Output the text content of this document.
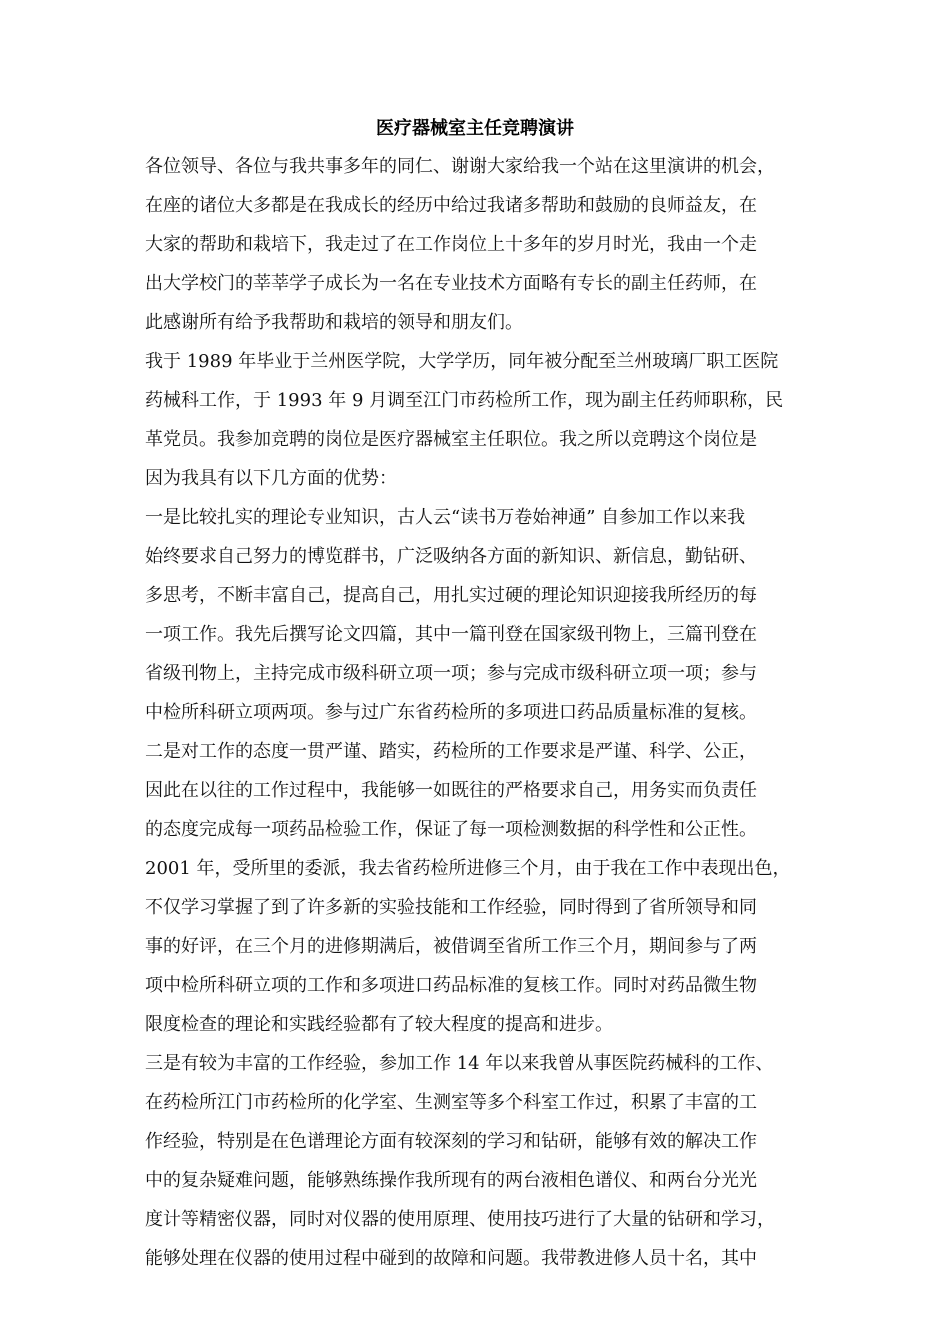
医疗器械室主任竞聘演讲
各位领导、各位与我共事多年的同仁、谢谢大家给我一个站在这里演讲的机会，
在座的诸位大多都是在我成长的经历中给过我诸多帮助和鼓励的良师益友，在
大家的帮助和栽培下，我走过了在工作岗位上十多年的岁月时光，我由一个走
出大学校门的莘莘学子成长为一名在专业技术方面略有专长的副主任药师，在
此感谢所有给予我帮助和栽培的领导和朋友们。
我于 1989 年毕业于兰州医学院，大学学历，同年被分配至兰州玻璃厂职工医院
药械科工作，于 1993 年 9 月调至江门市药检所工作，现为副主任药师职称，民
革党员。我参加竞聘的岗位是医疗器械室主任职位。我之所以竞聘这个岗位是
因为我具有以下几方面的优势：
一是比较扎实的理论专业知识，古人云“读书万卷始神通” 自参加工作以来我
始终要求自己努力的博览群书，广泛吸纳各方面的新知识、新信息，勤钻研、
多思考，不断丰富自己，提高自己，用扎实过硬的理论知识迎接我所经历的每
一项工作。我先后撰写论文四篇，其中一篇刊登在国家级刊物上，三篇刊登在
省级刊物上，主持完成市级科研立项一项；参与完成市级科研立项一项；参与
中检所科研立项两项。参与过广东省药检所的多项进口药品质量标准的复核。
二是对工作的态度一贯严谨、踏实，药检所的工作要求是严谨、科学、公正，
因此在以往的工作过程中，我能够一如既往的严格要求自己，用务实而负责任
的态度完成每一项药品检验工作，保证了每一项检测数据的科学性和公正性。
2001 年，受所里的委派，我去省药检所进修三个月，由于我在工作中表现出色，
不仅学习掌握了到了许多新的实验技能和工作经验，同时得到了省所领导和同
事的好评，在三个月的进修期满后，被借调至省所工作三个月，期间参与了两
项中检所科研立项的工作和多项进口药品标准的复核工作。同时对药品微生物
限度检查的理论和实践经验都有了较大程度的提高和进步。
三是有较为丰富的工作经验，参加工作 14 年以来我曾从事医院药械科的工作、
在药检所江门市药检所的化学室、生测室等多个科室工作过，积累了丰富的工
作经验，特别是在色谱理论方面有较深刻的学习和钻研，能够有效的解决工作
中的复杂疑难问题，能够熟练操作我所现有的两台液相色谱仪、和两台分光光
度计等精密仪器，同时对仪器的使用原理、使用技巧进行了大量的钻研和学习，
能够处理在仪器的使用过程中碰到的故障和问题。我带教进修人员十名，其中
